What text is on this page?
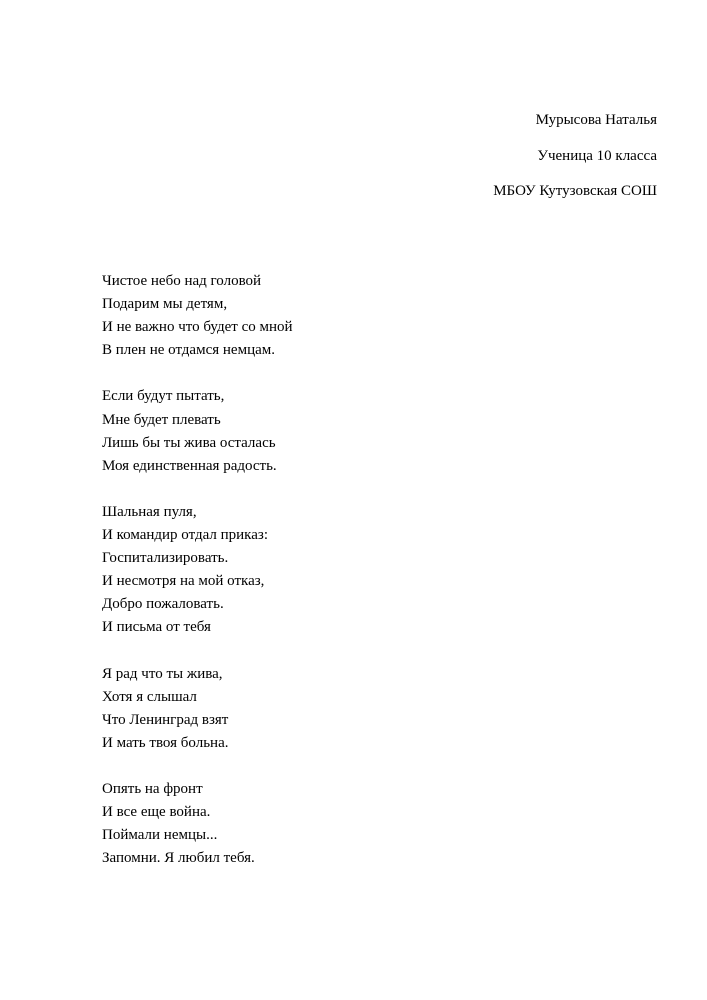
Мурысова Наталья
Ученица 10 класса
МБОУ Кутузовская СОШ
Чистое небо над головой
Подарим мы детям,
И не важно что будет со мной
В плен не отдамся немцам.
Если будут пытать,
Мне будет плевать
Лишь бы ты жива осталась
Моя единственная радость.
Шальная пуля,
И командир отдал приказ:
Госпитализировать.
И несмотря на мой отказ,
Добро пожаловать.
И письма от тебя
Я рад что ты жива,
Хотя я слышал
Что Ленинград взят
И мать твоя больна.
Опять на фронт
И все еще война.
Поймали немцы...
Запомни. Я любил тебя.
